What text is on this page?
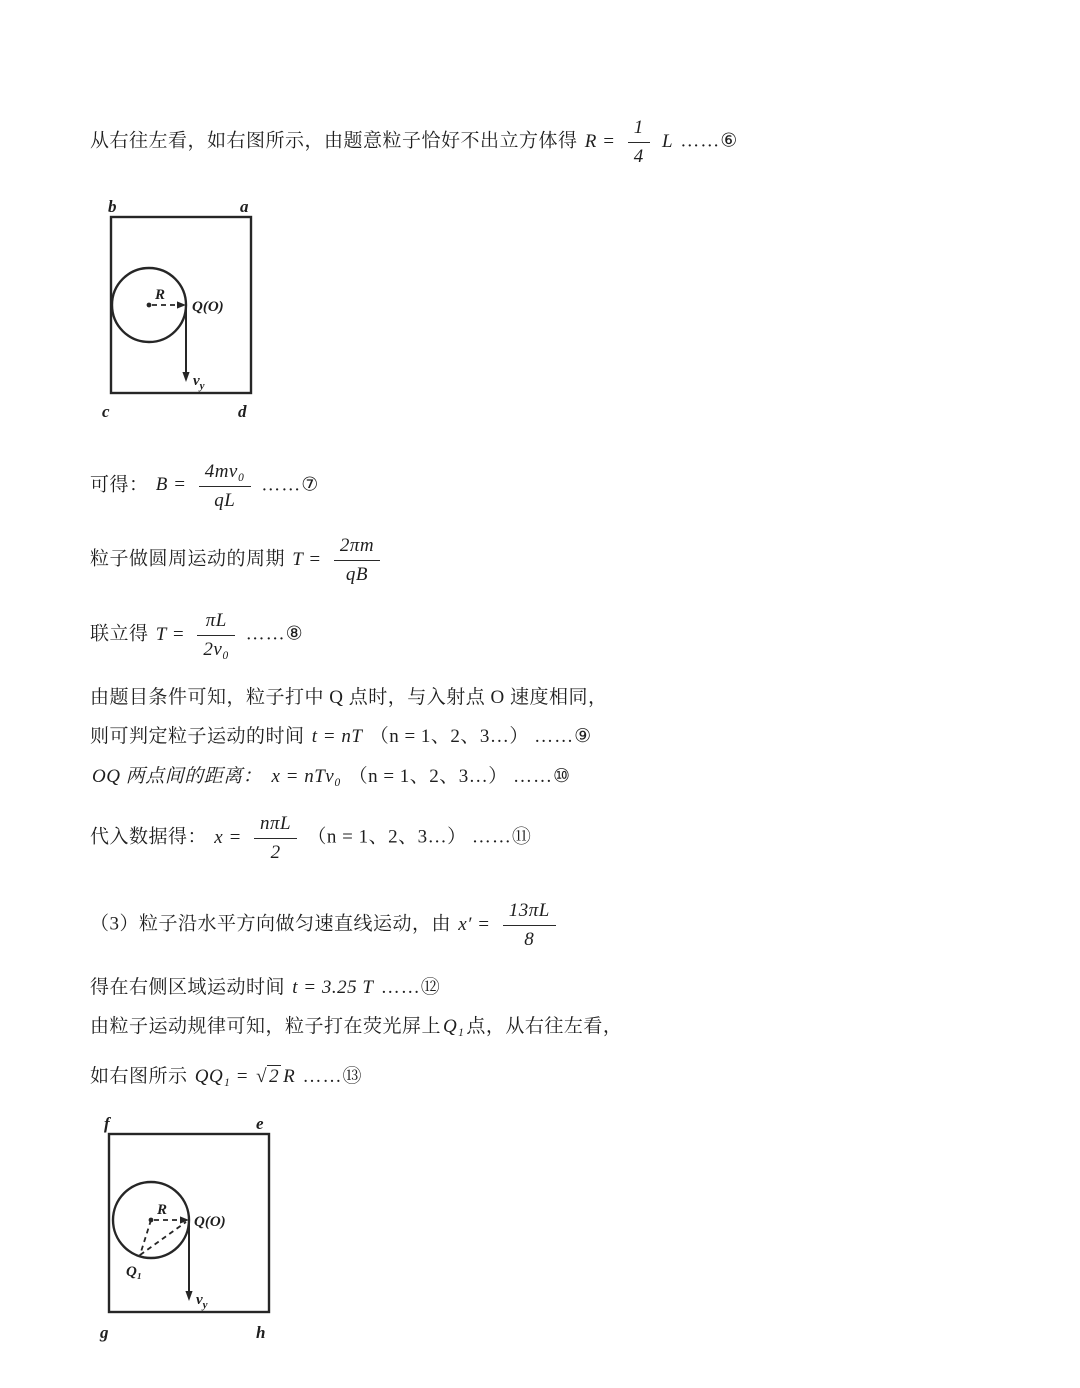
从右往左看，如右图所示，由题意粒子恰好不出立方体得 $R = \frac{1}{4}$ L ……⑥

b	a
c	d
R
Q(O)
$v_y$

可得： $B = \frac{\text{4mv₀}}{qL}$ ……⑦

粒子做圆周运动的周期 $T = \frac{2\pi m}{qB}$

联立得 $T = \frac{\pi L}{\text{2v₀}}$ ……⑧

由题目条件可知，粒子打中 Q 点时，与入射点 O 速度相同，

则可判定粒子运动的时间 t = nT （n = 1、2、3…） ……⑨

OQ 两点间的距离： x = nTv₀ （n = 1、2、3…） ……⑩

代入数据得： $x = \frac{\text{nπL}}{2} (n = 1$、2、3…） ……⑪

（3）粒子沿水平方向做匀速直线运动，由 $x' = \frac{13\pi L}{8}$

得在右侧区域运动时间 t = 3.25 T ……⑫

由粒子运动规律可知，粒子打在荧光屏上 Q₁ 点，从右往左看，

如右图所示 QQ₁ = √ 2 R ……⑬

f	e
g	h
R
Q(O)
Q₁
$v_y$
